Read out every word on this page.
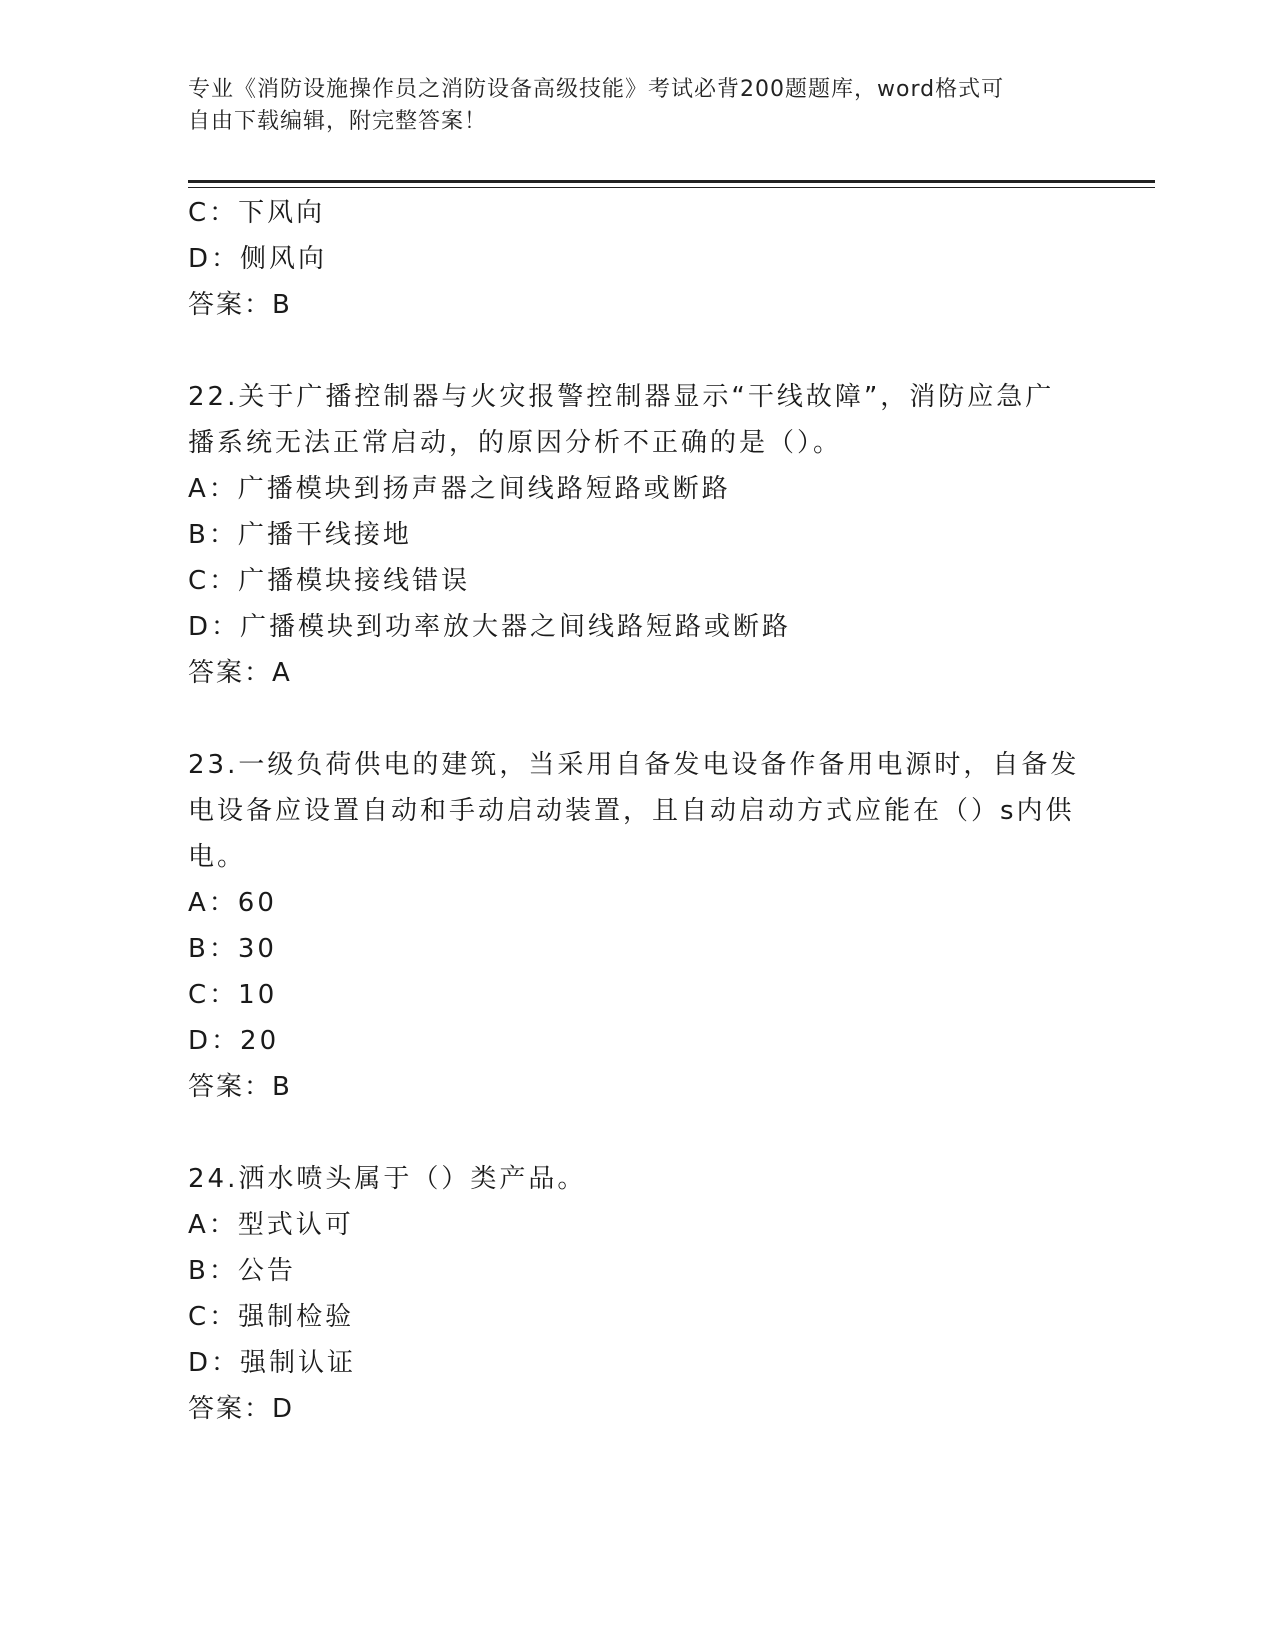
专业《消防设施操作员之消防设备高级技能》考试必背200题题库，word格式可
自由下载编辑，附完整答案！
C：下风向
D：侧风向
答案：B
22.关于广播控制器与火灾报警控制器显示“干线故障”，消防应急广
播系统无法正常启动，的原因分析不正确的是（）。
A：广播模块到扬声器之间线路短路或断路
B：广播干线接地
C：广播模块接线错误
D：广播模块到功率放大器之间线路短路或断路
答案：A
23.一级负荷供电的建筑，当采用自备发电设备作备用电源时，自备发
电设备应设置自动和手动启动装置，且自动启动方式应能在（）s内供
电。
A：60
B：30
C：10
D：20
答案：B
24.洒水喷头属于（）类产品。
A：型式认可
B：公告
C：强制检验
D：强制认证
答案：D
